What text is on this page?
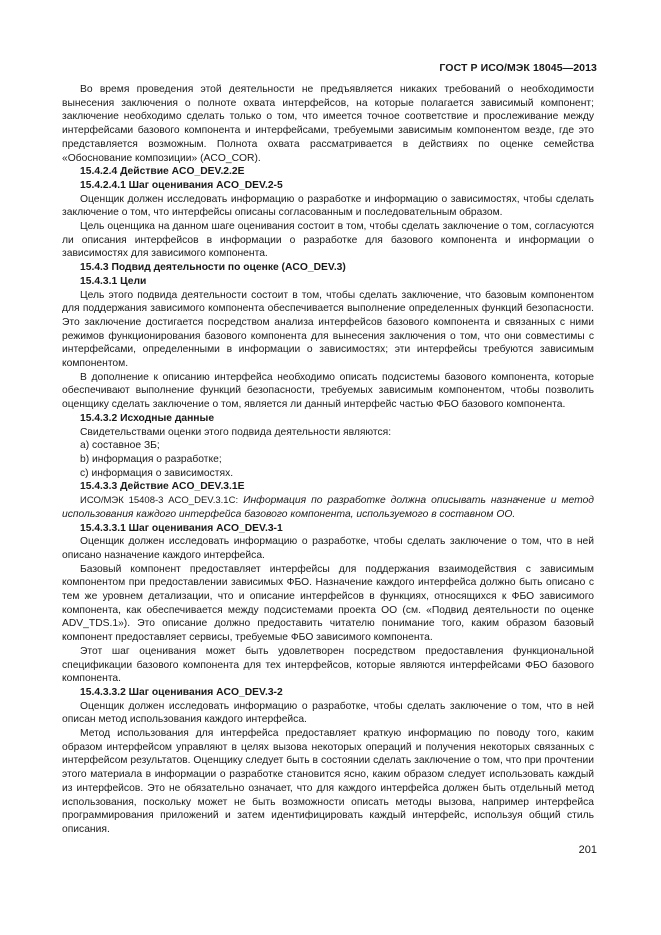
ГОСТ Р ИСО/МЭК 18045—2013

Во время проведения этой деятельности не предъявляется никаких требований о необходимости вынесения заключения о полноте охвата интерфейсов, на которые полагается зависимый компонент; заключение необходимо сделать только о том, что имеется точное соответствие и прослеживание между интерфейсами базового компонента и интерфейсами, требуемыми зависимым компонентом везде, где это представляется возможным. Полнота охвата рассматривается в действиях по оценке семейства «Обоснование композиции» (ACO_COR).

15.4.2.4 Действие ACO_DEV.2.2E

15.4.2.4.1 Шаг оценивания ACO_DEV.2-5

Оценщик должен исследовать информацию о разработке и информацию о зависимостях, чтобы сделать заключение о том, что интерфейсы описаны согласованным и последовательным образом.

Цель оценщика на данном шаге оценивания состоит в том, чтобы сделать заключение о том, согласуются ли описания интерфейсов в информации о разработке для базового компонента и информации о зависимостях для зависимого компонента.

15.4.3 Подвид деятельности по оценке (ACO_DEV.3)

15.4.3.1 Цели

Цель этого подвида деятельности состоит в том, чтобы сделать заключение, что базовым компонентом для поддержания зависимого компонента обеспечивается выполнение определенных функций безопасности. Это заключение достигается посредством анализа интерфейсов базового компонента и связанных с ними режимов функционирования базового компонента для вынесения заключения о том, что они совместимы с интерфейсами, определенными в информации о зависимостях; эти интерфейсы требуются зависимым компонентом.

В дополнение к описанию интерфейса необходимо описать подсистемы базового компонента, которые обеспечивают выполнение функций безопасности, требуемых зависимым компонентом, чтобы позволить оценщику сделать заключение о том, является ли данный интерфейс частью ФБО базового компонента.

15.4.3.2 Исходные данные

Свидетельствами оценки этого подвида деятельности являются:

a) составное ЗБ;

b) информация о разработке;

c) информация о зависимостях.

15.4.3.3 Действие ACO_DEV.3.1E

ИСО/МЭК 15408-3 ACO_DEV.3.1C: Информация по разработке должна описывать назначение и метод использования каждого интерфейса базового компонента, используемого в составном ОО.

15.4.3.3.1 Шаг оценивания ACO_DEV.3-1

Оценщик должен исследовать информацию о разработке, чтобы сделать заключение о том, что в ней описано назначение каждого интерфейса.

Базовый компонент предоставляет интерфейсы для поддержания взаимодействия с зависимым компонентом при предоставлении зависимых ФБО. Назначение каждого интерфейса должно быть описано с тем же уровнем детализации, что и описание интерфейсов в функциях, относящихся к ФБО зависимого компонента, как обеспечивается между подсистемами проекта ОО (см. «Подвид деятельности по оценке ADV_TDS.1»). Это описание должно предоставить читателю понимание того, каким образом базовый компонент предоставляет сервисы, требуемые ФБО зависимого компонента.

Этот шаг оценивания может быть удовлетворен посредством предоставления функциональной спецификации базового компонента для тех интерфейсов, которые являются интерфейсами ФБО базового компонента.

15.4.3.3.2 Шаг оценивания ACO_DEV.3-2

Оценщик должен исследовать информацию о разработке, чтобы сделать заключение о том, что в ней описан метод использования каждого интерфейса.

Метод использования для интерфейса предоставляет краткую информацию по поводу того, каким образом интерфейсом управляют в целях вызова некоторых операций и получения некоторых связанных с интерфейсом результатов. Оценщику следует быть в состоянии сделать заключение о том, что при прочтении этого материала в информации о разработке становится ясно, каким образом следует использовать каждый из интерфейсов. Это не обязательно означает, что для каждого интерфейса должен быть отдельный метод использования, поскольку может не быть возможности описать методы вызова, например интерфейса программирования приложений и затем идентифицировать каждый интерфейс, используя общий стиль описания.

201
